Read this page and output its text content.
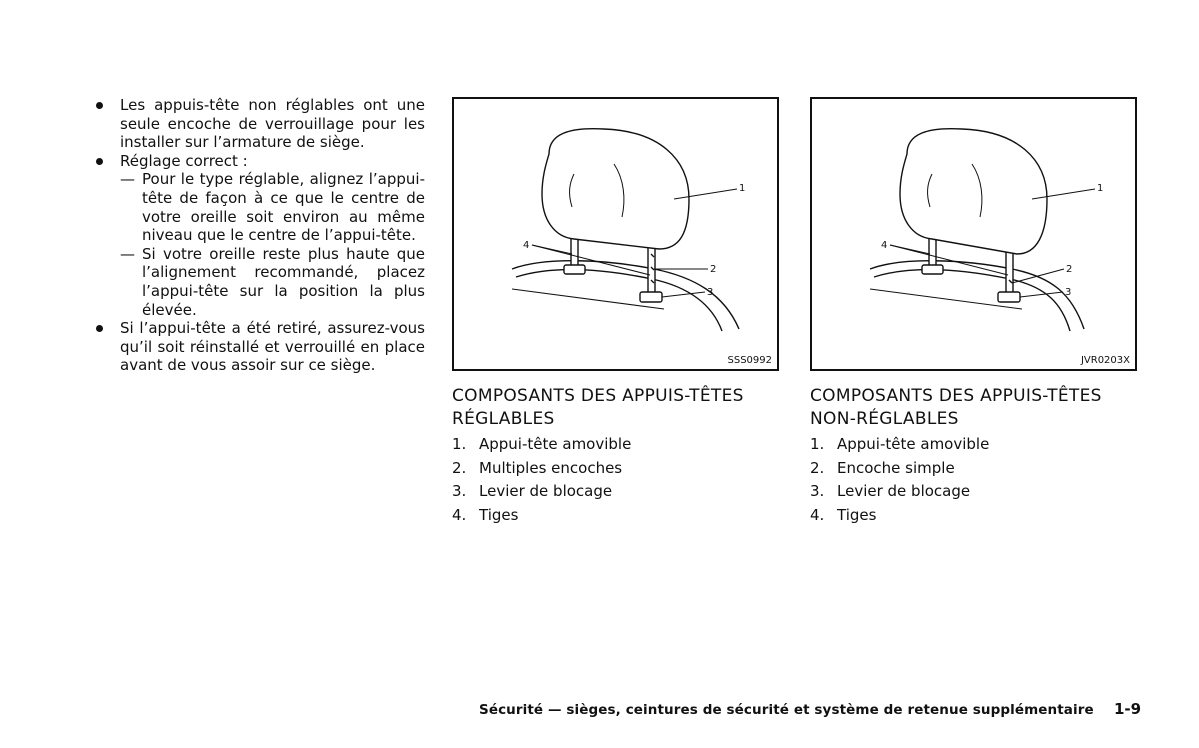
Les appuis-tête non réglables ont une seule encoche de verrouillage pour les installer sur l’armature de siège.
Réglage correct :
— Pour le type réglable, alignez l’appui-tête de façon à ce que le centre de votre oreille soit environ au même niveau que le centre de l’appui-tête.
— Si votre oreille reste plus haute que l’alignement recommandé, placez l’appui-tête sur la position la plus élevée.
Si l’appui-tête a été retiré, assurez-vous qu’il soit réinstallé et verrouillé en place avant de vous assoir sur ce siège.
1
2
3
4
SSS0992
1
2
3
4
JVR0203X
COMPOSANTS DES APPUIS-TÊTES
RÉGLABLES
1. Appui-tête amovible
2. Multiples encoches
3. Levier de blocage
4. Tiges
COMPOSANTS DES APPUIS-TÊTES
NON-RÉGLABLES
1. Appui-tête amovible
2. Encoche simple
3. Levier de blocage
4. Tiges
Sécurité — sièges, ceintures de sécurité et système de retenue supplémentaire 1-9
